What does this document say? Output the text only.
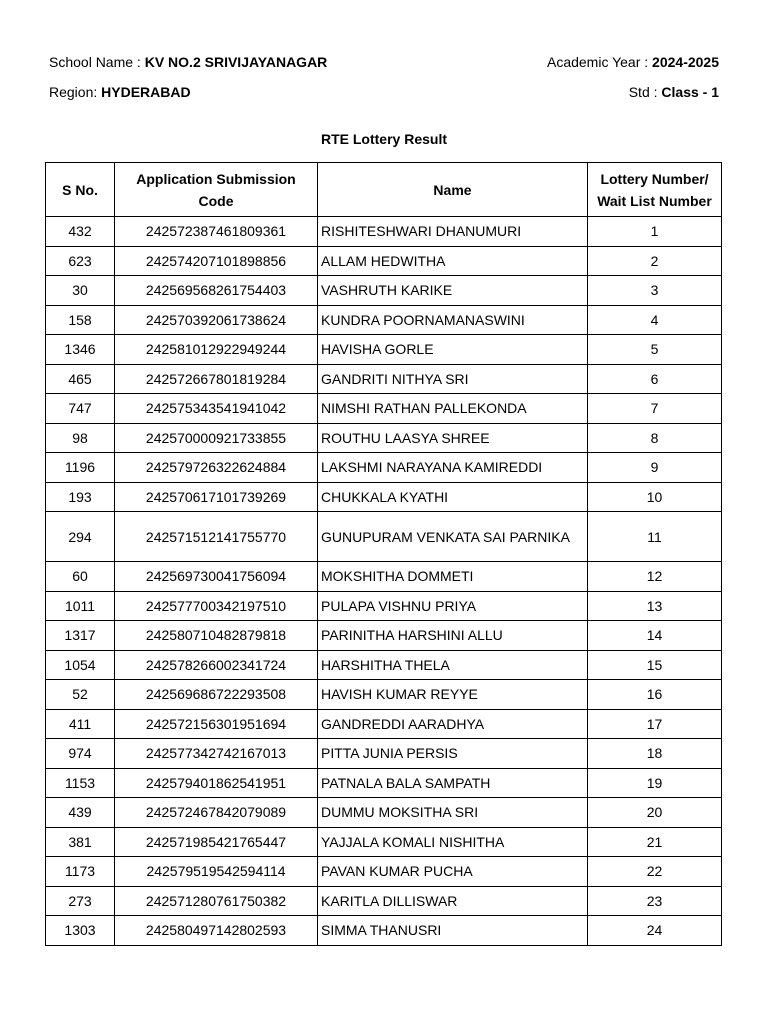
School Name : KV NO.2 SRIVIJAYANAGAR	Academic Year : 2024-2025
Region: HYDERABAD	Std : Class - 1
RTE Lottery Result
S No.	Application Submission Code	Name	Lottery Number/ Wait List Number
432	242572387461809361	RISHITESHWARI DHANUMURI	1
623	242574207101898856	ALLAM HEDWITHA	2
30	242569568261754403	VASHRUTH KARIKE	3
158	242570392061738624	KUNDRA POORNAMANASWINI	4
1346	242581012922949244	HAVISHA GORLE	5
465	242572667801819284	GANDRITI NITHYA SRI	6
747	242575343541941042	NIMSHI RATHAN PALLEKONDA	7
98	242570000921733855	ROUTHU LAASYA SHREE	8
1196	242579726322624884	LAKSHMI NARAYANA KAMIREDDI	9
193	242570617101739269	CHUKKALA KYATHI	10
294	242571512141755770	GUNUPURAM VENKATA SAI PARNIKA	11
60	242569730041756094	MOKSHITHA DOMMETI	12
1011	242577700342197510	PULAPA VISHNU PRIYA	13
1317	242580710482879818	PARINITHA HARSHINI ALLU	14
1054	242578266002341724	HARSHITHA THELA	15
52	242569686722293508	HAVISH KUMAR REYYE	16
411	242572156301951694	GANDREDDI AARADHYA	17
974	242577342742167013	PITTA JUNIA PERSIS	18
1153	242579401862541951	PATNALA BALA SAMPATH	19
439	242572467842079089	DUMMU MOKSITHA SRI	20
381	242571985421765447	YAJJALA KOMALI NISHITHA	21
1173	242579519542594114	PAVAN KUMAR PUCHA	22
273	242571280761750382	KARITLA DILLISWAR	23
1303	242580497142802593	SIMMA THANUSRI	24
